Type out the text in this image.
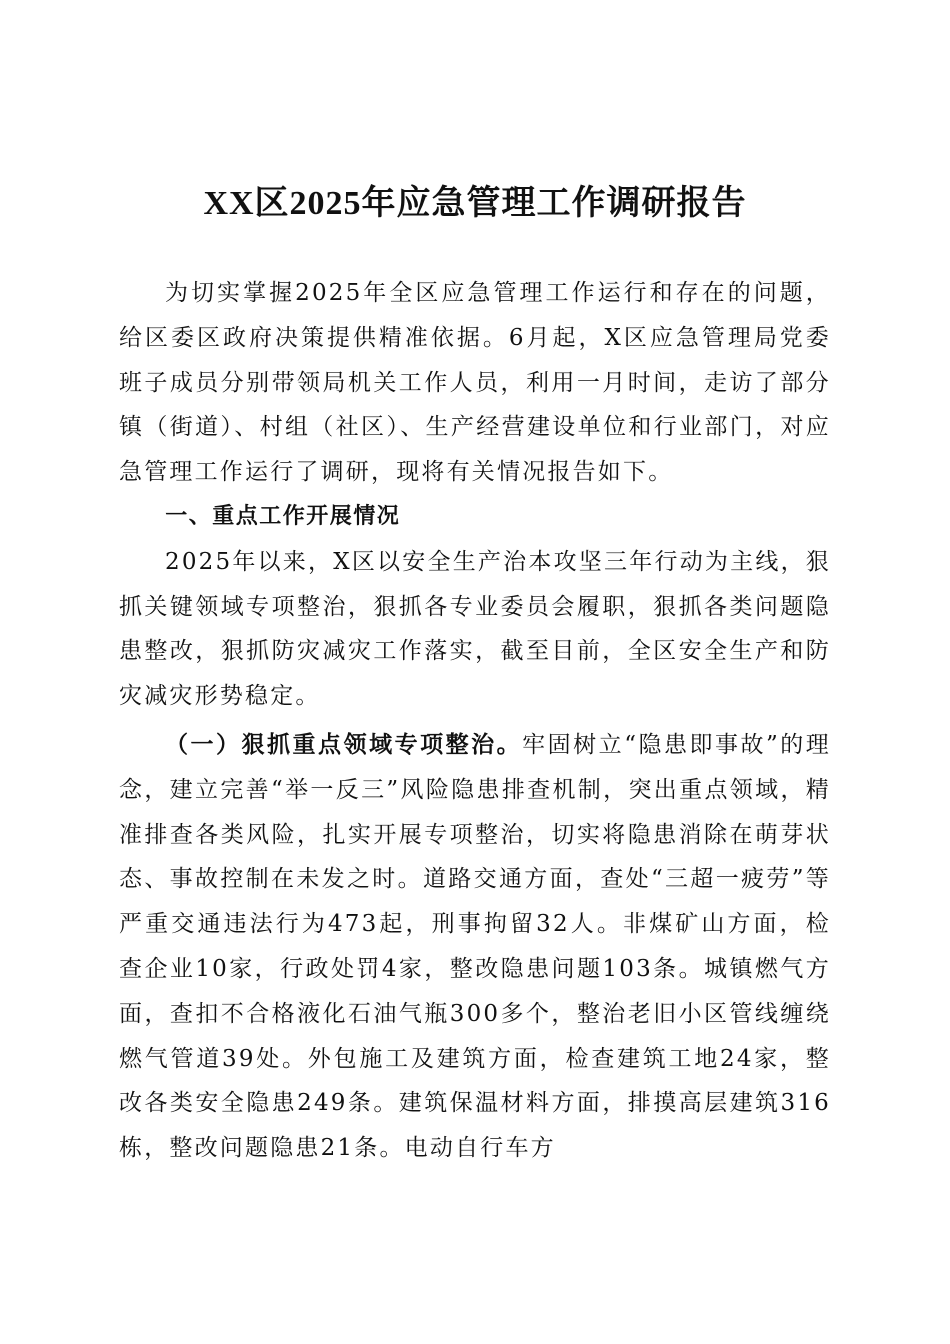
XX区2025年应急管理工作调研报告

为切实掌握2025年全区应急管理工作运行和存在的问题，给区委区政府决策提供精准依据。6月起，X区应急管理局党委班子成员分别带领局机关工作人员，利用一月时间，走访了部分镇（街道）、村组（社区）、生产经营建设单位和行业部门，对应急管理工作运行了调研，现将有关情况报告如下。

一、重点工作开展情况

2025年以来，X区以安全生产治本攻坚三年行动为主线，狠抓关键领域专项整治，狠抓各专业委员会履职，狠抓各类问题隐患整改，狠抓防灾减灾工作落实，截至目前，全区安全生产和防灾减灾形势稳定。

（一）狠抓重点领域专项整治。牢固树立“隐患即事故”的理念，建立完善“举一反三”风险隐患排查机制，突出重点领域，精准排查各类风险，扎实开展专项整治，切实将隐患消除在萌芽状态、事故控制在未发之时。道路交通方面，查处“三超一疲劳”等严重交通违法行为473起，刑事拘留32人。非煤矿山方面，检查企业10家，行政处罚4家，整改隐患问题103条。城镇燃气方面，查扣不合格液化石油气瓶300多个，整治老旧小区管线缠绕燃气管道39处。外包施工及建筑方面，检查建筑工地24家，整改各类安全隐患249条。建筑保温材料方面，排摸高层建筑316栋，整改问题隐患21条。电动自行车方
